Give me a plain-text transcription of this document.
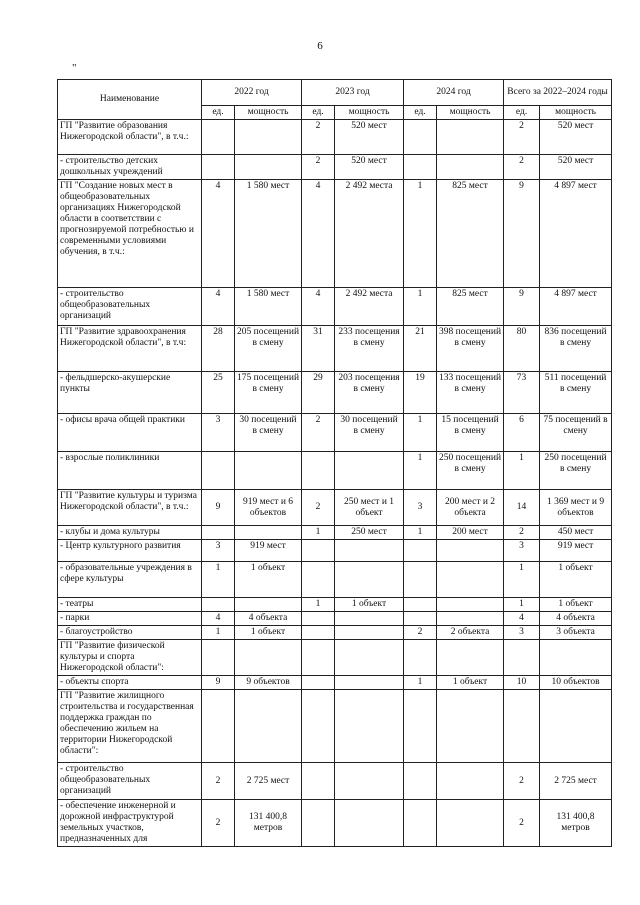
6
"
Наименование	2022 год		2023 год		2024 год		Всего за 2022–2024 годы	
	ед.	мощность	ед.	мощность	ед.	мощность	ед.	мощность
ГП "Развитие образования Нижегородской области", в т.ч.:			2	520 мест			2	520 мест
- строительство детских дошкольных учреждений			2	520 мест			2	520 мест
ГП "Создание новых мест в общеобразовательных организациях Нижегородской области в соответствии с прогнозируемой потребностью и современными условиями обучения, в т.ч.:	4	1 580 мест	4	2 492 места	1	825 мест	9	4 897 мест
- строительство общеобразовательных организаций	4	1 580 мест	4	2 492 места	1	825 мест	9	4 897 мест
ГП "Развитие здравоохранения Нижегородской области", в т.ч:	28	205 посещений в смену	31	233 посещения в смену	21	398 посещений в смену	80	836 посещений в смену
- фельдшерско-акушерские пункты	25	175 посещений в смену	29	203 посещения в смену	19	133 посещений в смену	73	511 посещений в смену
- офисы врача общей практики	3	30 посещений в смену	2	30 посещений в смену	1	15 посещений в смену	6	75 посещений в смену
- взрослые поликлиники					1	250 посещений в смену	1	250 посещений в смену
ГП "Развитие культуры и туризма Нижегородской области", в т.ч.:	9	919 мест и 6 объектов	2	250 мест и 1 объект	3	200 мест и 2 объекта	14	1 369 мест и 9 объектов
- клубы и дома культуры			1	250 мест	1	200 мест	2	450 мест
- Центр культурного развития	3	919 мест					3	919 мест
- образовательные учреждения в сфере культуры	1	1 объект					1	1 объект
- театры			1	1 объект			1	1 объект
- парки	4	4 объекта					4	4 объекта
- благоустройство	1	1 объект			2	2 объекта	3	3 объекта
ГП "Развитие физической культуры и спорта Нижегородской области":								
- объекты спорта	9	9 объектов			1	1 объект	10	10 объектов
ГП "Развитие жилищного строительства и государственная поддержка граждан по обеспечению жильем на территории Нижегородской области":								
- строительство общеобразовательных организаций	2	2 725 мест					2	2 725 мест
- обеспечение инженерной и дорожной инфраструктурой земельных участков, предназначенных для	2	131 400,8 метров					2	131 400,8 метров
